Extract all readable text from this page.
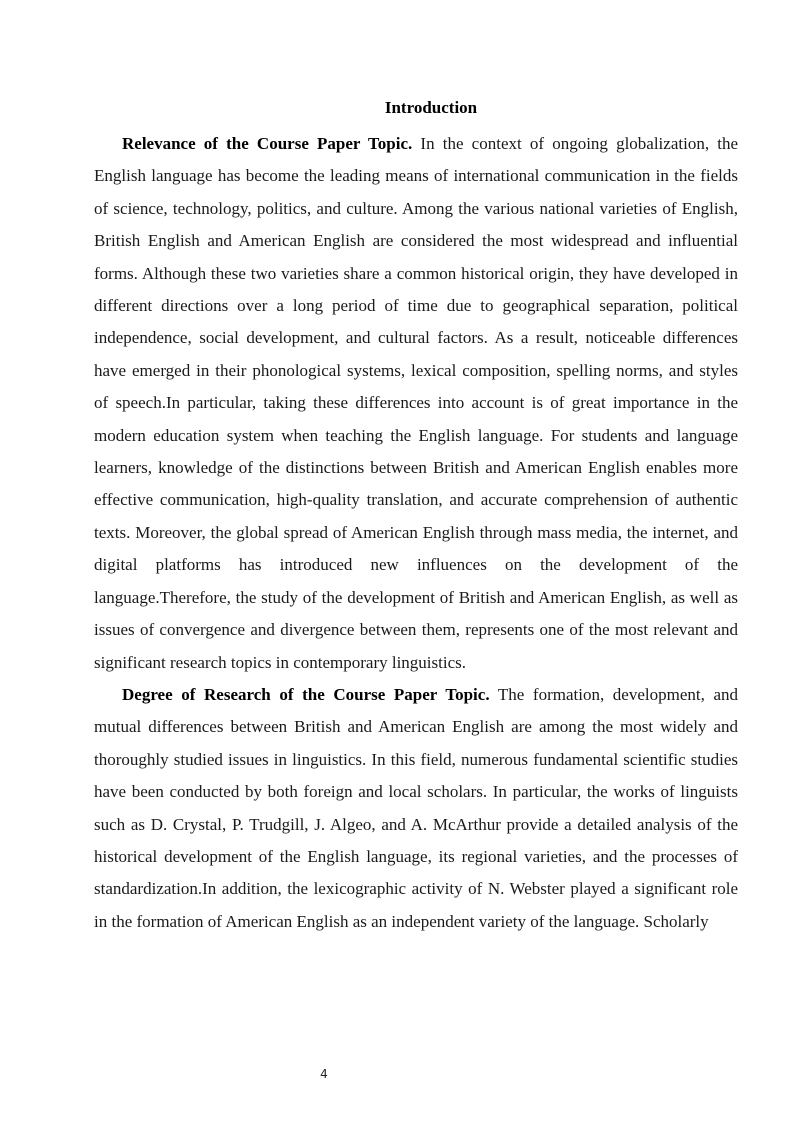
Introduction

Relevance of the Course Paper Topic. In the context of ongoing globalization, the English language has become the leading means of international communication in the fields of science, technology, politics, and culture. Among the various national varieties of English, British English and American English are considered the most widespread and influential forms. Although these two varieties share a common historical origin, they have developed in different directions over a long period of time due to geographical separation, political independence, social development, and cultural factors. As a result, noticeable differences have emerged in their phonological systems, lexical composition, spelling norms, and styles of speech.In particular, taking these differences into account is of great importance in the modern education system when teaching the English language. For students and language learners, knowledge of the distinctions between British and American English enables more effective communication, high-quality translation, and accurate comprehension of authentic texts. Moreover, the global spread of American English through mass media, the internet, and digital platforms has introduced new influences on the development of the language.Therefore, the study of the development of British and American English, as well as issues of convergence and divergence between them, represents one of the most relevant and significant research topics in contemporary linguistics.

Degree of Research of the Course Paper Topic. The formation, development, and mutual differences between British and American English are among the most widely and thoroughly studied issues in linguistics. In this field, numerous fundamental scientific studies have been conducted by both foreign and local scholars. In particular, the works of linguists such as D. Crystal, P. Trudgill, J. Algeo, and A. McArthur provide a detailed analysis of the historical development of the English language, its regional varieties, and the processes of standardization.In addition, the lexicographic activity of N. Webster played a significant role in the formation of American English as an independent variety of the language. Scholarly

4
